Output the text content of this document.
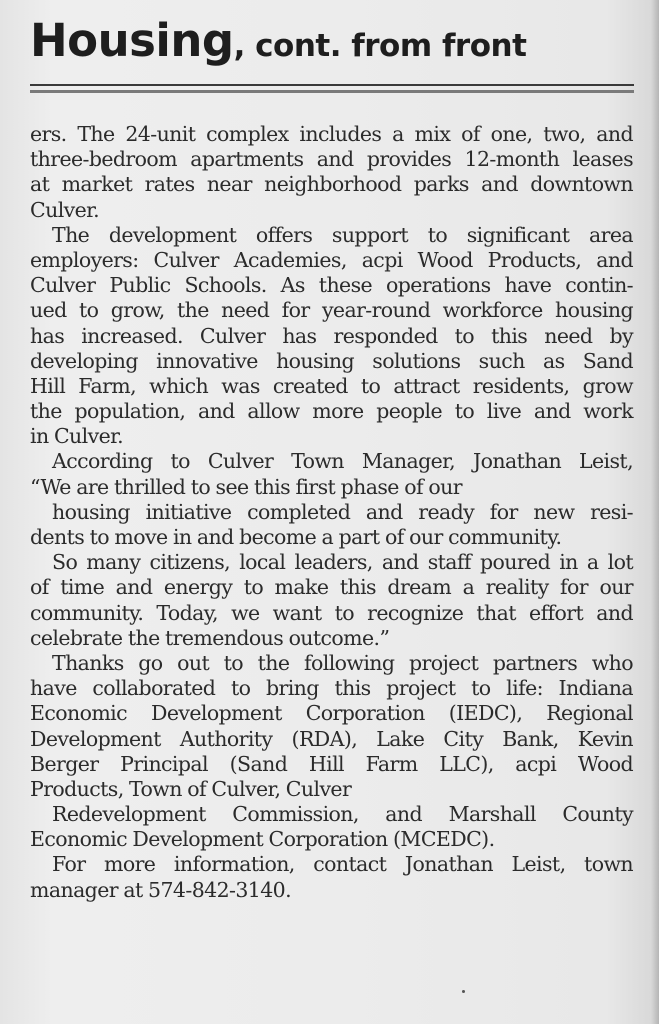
Housing, cont. from front
ers. The 24-unit complex includes a mix of one, two, and
three-bedroom apartments and provides 12-month leases
at market rates near neighborhood parks and downtown
Culver.
The development offers support to significant area
employers: Culver Academies, acpi Wood Products, and
Culver Public Schools. As these operations have contin-
ued to grow, the need for year-round workforce housing
has increased. Culver has responded to this need by
developing innovative housing solutions such as Sand
Hill Farm, which was created to attract residents, grow
the population, and allow more people to live and work
in Culver.
According to Culver Town Manager, Jonathan Leist,
“We are thrilled to see this first phase of our
housing initiative completed and ready for new resi-
dents to move in and become a part of our community.
So many citizens, local leaders, and staff poured in a lot
of time and energy to make this dream a reality for our
community. Today, we want to recognize that effort and
celebrate the tremendous outcome.”
Thanks go out to the following project partners who
have collaborated to bring this project to life: Indiana
Economic Development Corporation (IEDC), Regional
Development Authority (RDA), Lake City Bank, Kevin
Berger Principal (Sand Hill Farm LLC), acpi Wood
Products, Town of Culver, Culver
Redevelopment Commission, and Marshall County
Economic Development Corporation (MCEDC).
For more information, contact Jonathan Leist, town
manager at 574-842-3140.
